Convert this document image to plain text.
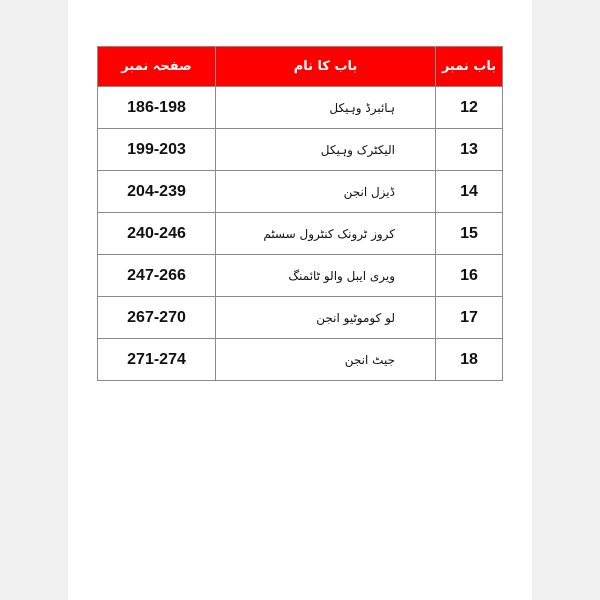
صفحہ نمبر	باب کا نام	باب نمبر
186-198	ہائبرڈ وہیکل	12
199-203	الیکٹرک وہیکل	13
204-239	ڈیزل انجن	14
240-246	کروز ٹرونک کنٹرول سسٹم	15
247-266	ویری ایبل والو ٹائمنگ	16
267-270	لو کوموٹیو انجن	17
271-274	جیٹ انجن	18
